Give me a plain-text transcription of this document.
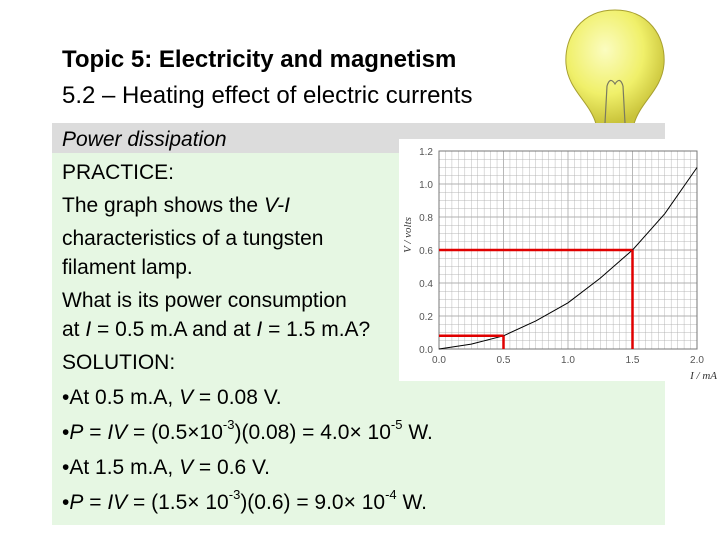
Topic 5: Electricity and magnetism
5.2 – Heating effect of electric currents
Power dissipation
PRACTICE:
The graph shows the V-I
characteristics of a tungsten
filament lamp.
What is its power consumption
at I = 0.5 m.A and at I = 1.5 m.A?
SOLUTION:
•At 0.5 m.A, V = 0.08 V.
•P = IV = $(0.5\times 10^{-3})(0.08) = 4.0\times 10^{-5}$ W.
•At 1.5 m.A, V = 0.6 V.
•P = IV = $(1.5\times 10^{-3})(0.6) = 9.0\times 10^{-4}$ W.
0.0	0.5	1.0	1.5	2.0
0.0
0.2
0.4
0.6
0.8
1.0
1.2
V / volts
I / mA
